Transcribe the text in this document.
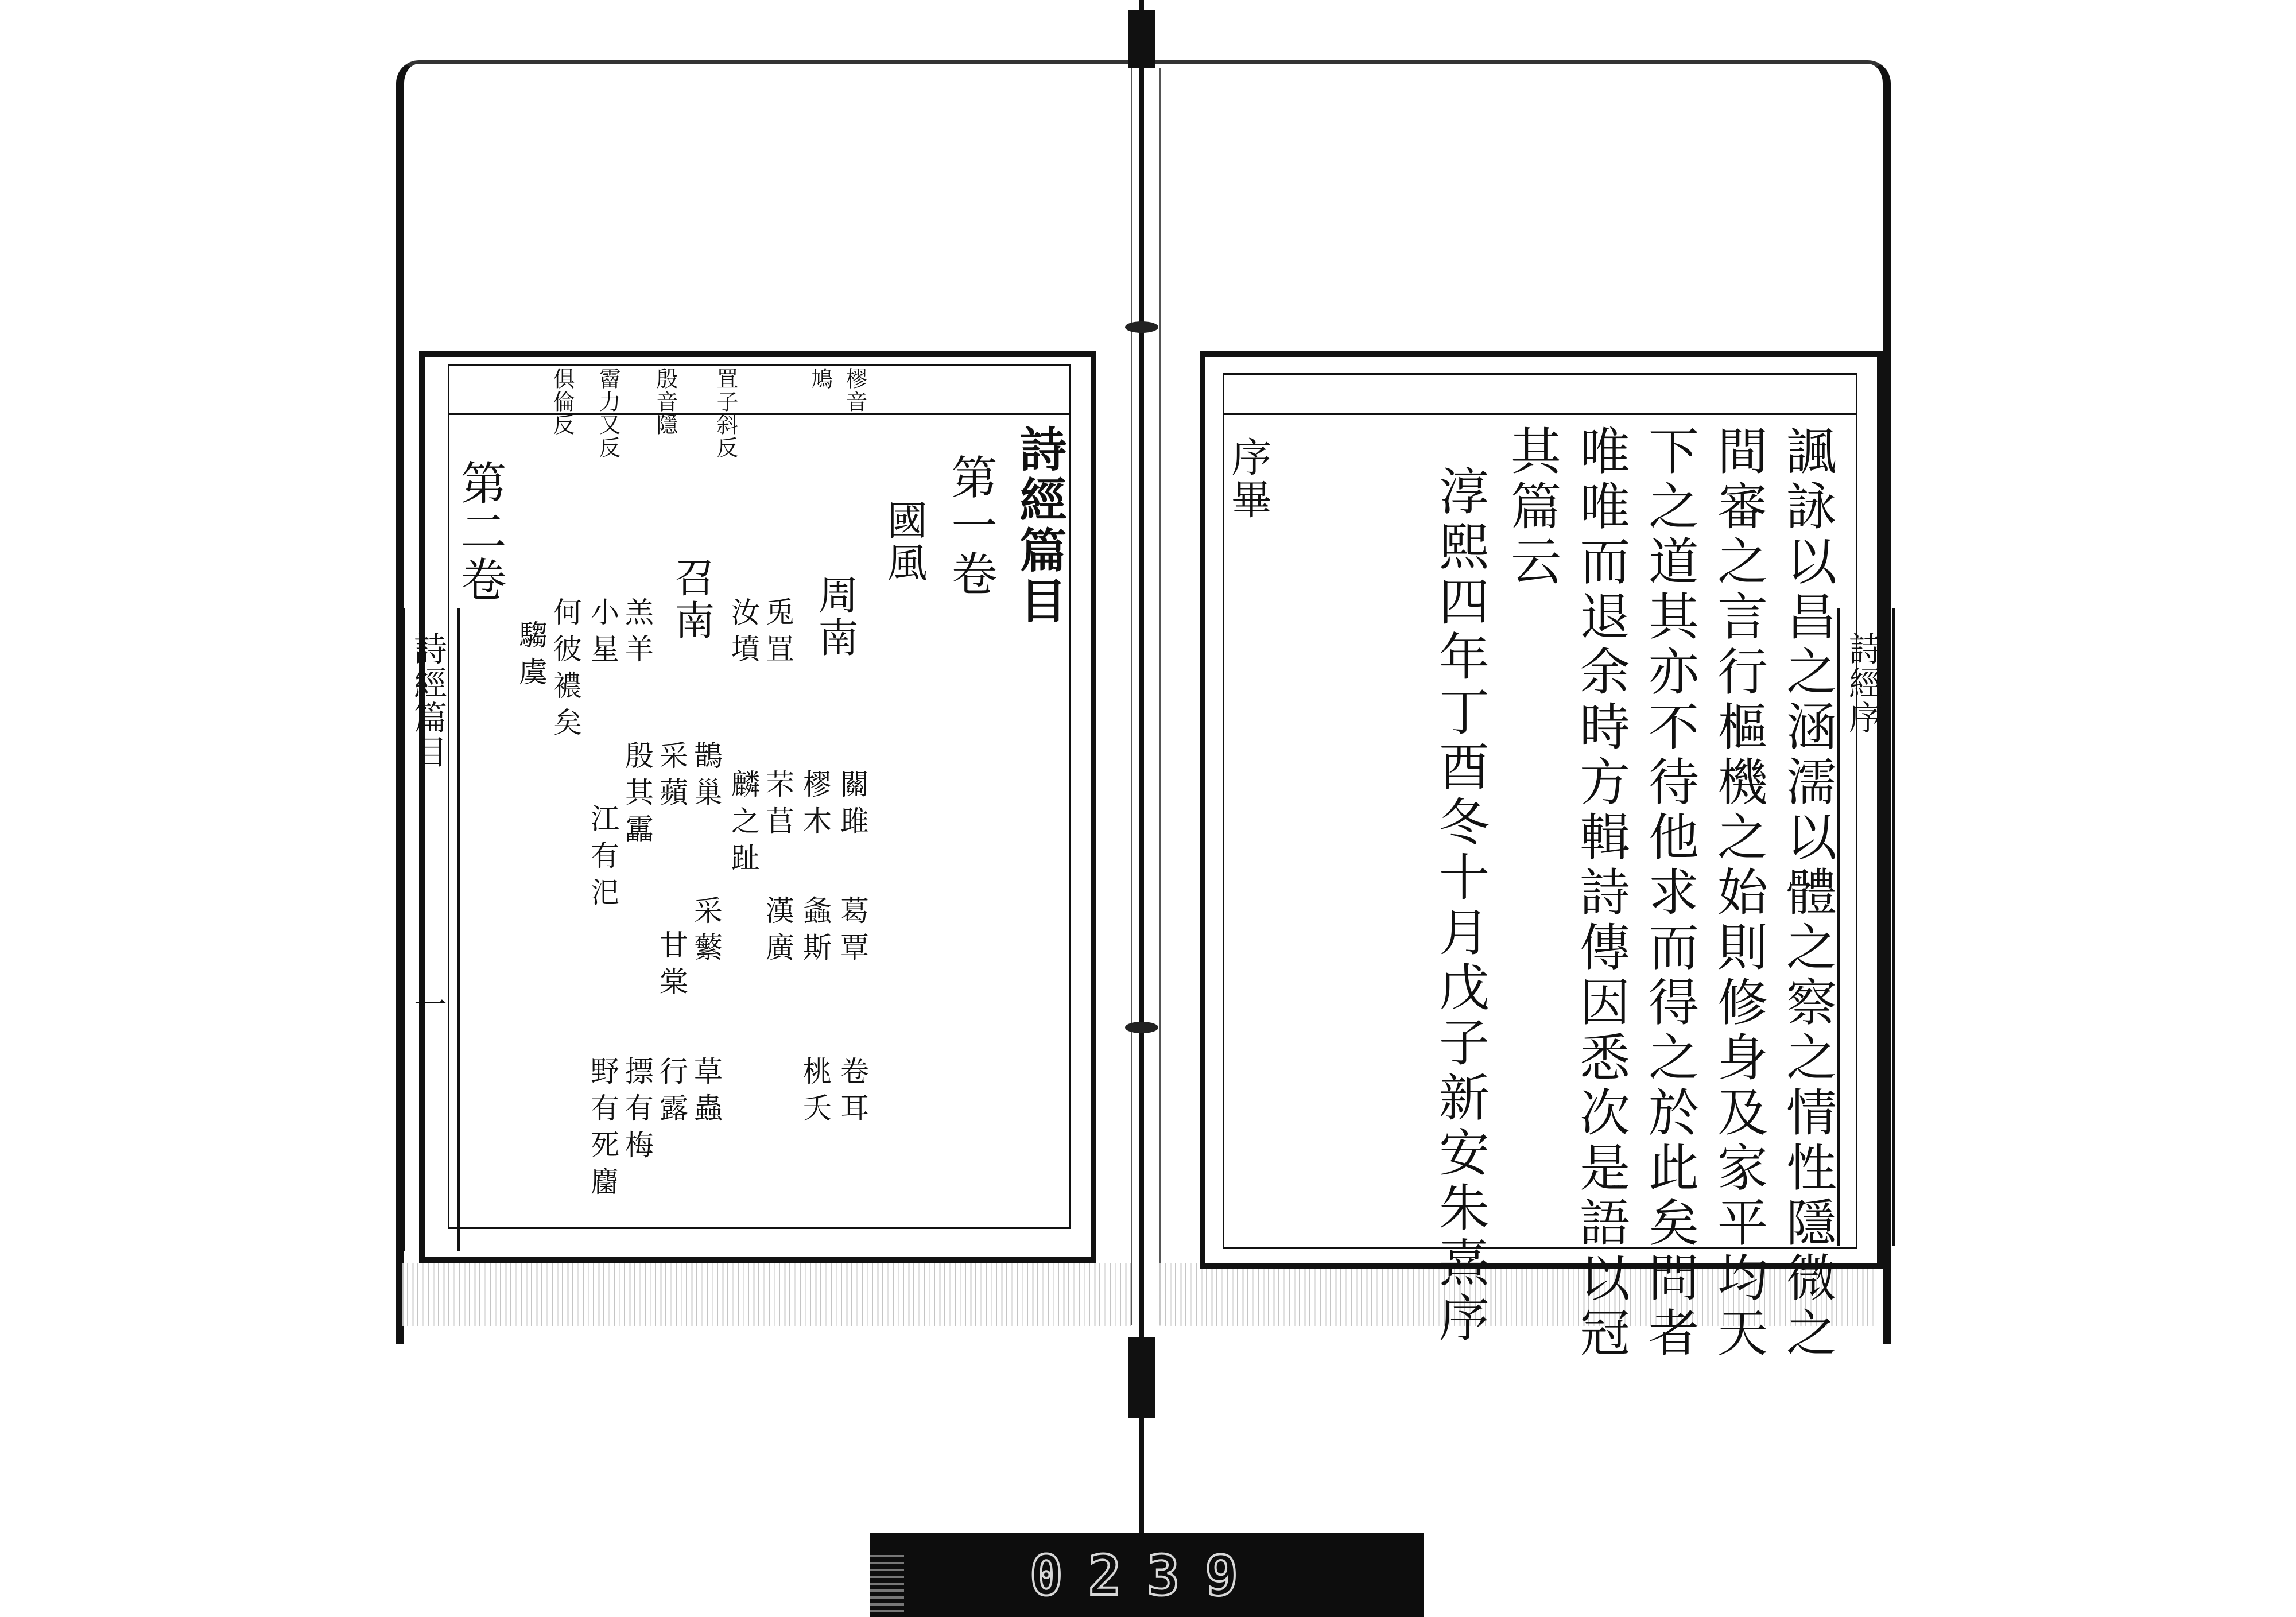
詩經篇目
一
樛音
鳩
罝子斜反
殷音隱
霤力又反
俱倫反
詩經篇目
第一卷
國風
周南
關雎
葛覃
卷耳
樛木
螽斯
桃夭
芣苢
漢廣
兎罝
麟之趾
汝墳
召南
鵲巢
采蘩
草蟲
采蘋
甘棠
行露
殷其靁
摽有梅
羔羊
江有汜
野有死麕
小星
何彼襛矣
騶虞
第二卷
詩經序
諷詠以昌之涵濡以體之察之情性隱微之
間審之言行樞機之始則修身及家平均天
下之道其亦不待他求而得之於此矣問者
唯唯而退余時方輯詩傳因悉次是語以冠
其篇云
淳熙四年丁酉冬十月戊子新安朱熹序
序畢
0239
